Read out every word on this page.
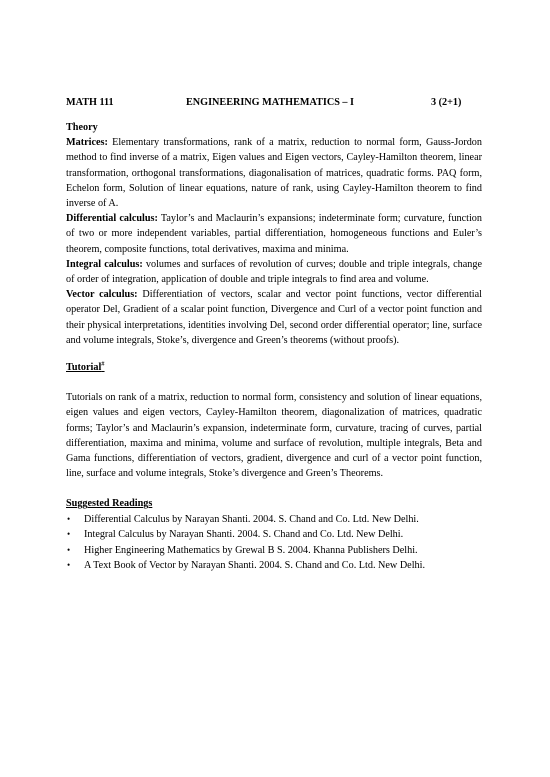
MATH 111	ENGINEERING MATHEMATICS – I	3 (2+1)
Theory

Matrices: Elementary transformations, rank of a matrix, reduction to normal form, Gauss-Jordon method to find inverse of a matrix, Eigen values and Eigen vectors, Cayley-Hamilton theorem, linear transformation, orthogonal transformations, diagonalisation of matrices, quadratic forms. PAQ form, Echelon form, Solution of linear equations, nature of rank, using Cayley-Hamilton theorem to find inverse of A.

Differential calculus: Taylor’s and Maclaurin’s expansions; indeterminate form; curvature, function of two or more independent variables, partial differentiation, homogeneous functions and Euler’s theorem, composite functions, total derivatives, maxima and minima.

Integral calculus: volumes and surfaces of revolution of curves; double and triple integrals, change of order of integration, application of double and triple integrals to find area and volume.

Vector calculus: Differentiation of vectors, scalar and vector point functions, vector differential operator Del, Gradient of a scalar point function, Divergence and Curl of a vector point function and their physical interpretations, identities involving Del, second order differential operator; line, surface and volume integrals, Stoke’s, divergence and Green’s theorems (without proofs).

Tutorial#

Tutorials on rank of a matrix, reduction to normal form, consistency and solution of linear equations, eigen values and eigen vectors, Cayley-Hamilton theorem, diagonalization of matrices, quadratic forms; Taylor’s and Maclaurin’s expansion, indeterminate form, curvature, tracing of curves, partial differentiation, maxima and minima, volume and surface of revolution, multiple integrals, Beta and Gama functions, differentiation of vectors, gradient, divergence and curl of a vector point function, line, surface and volume integrals, Stoke’s divergence and Green’s Theorems.

Suggested Readings
• Differential Calculus by Narayan Shanti. 2004. S. Chand and Co. Ltd. New Delhi.
• Integral Calculus by Narayan Shanti. 2004. S. Chand and Co. Ltd. New Delhi.
• Higher Engineering Mathematics by Grewal B S. 2004. Khanna Publishers Delhi.
• A Text Book of Vector by Narayan Shanti. 2004. S. Chand and Co. Ltd. New Delhi.
